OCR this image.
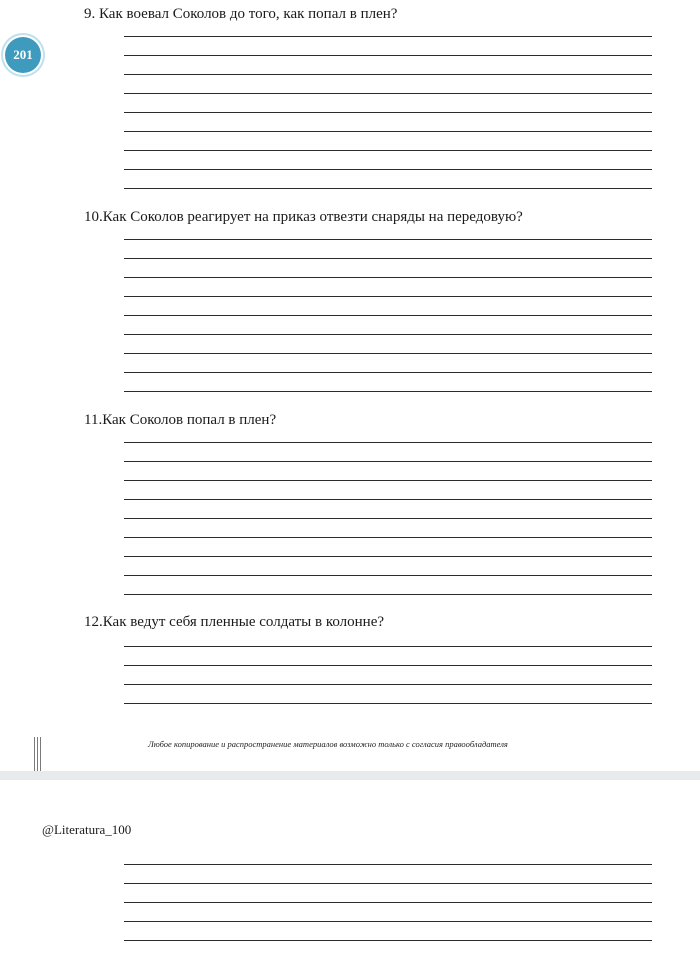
201

9. Как воевал Соколов до того, как попал в плен?

10.Как Соколов реагирует на приказ отвезти снаряды на передовую?

11.Как Соколов попал в плен?

12.Как ведут себя пленные солдаты в колонне?

Любое копирование и распространение материалов возможно только с согласия правообладателя
@Literatura_100
